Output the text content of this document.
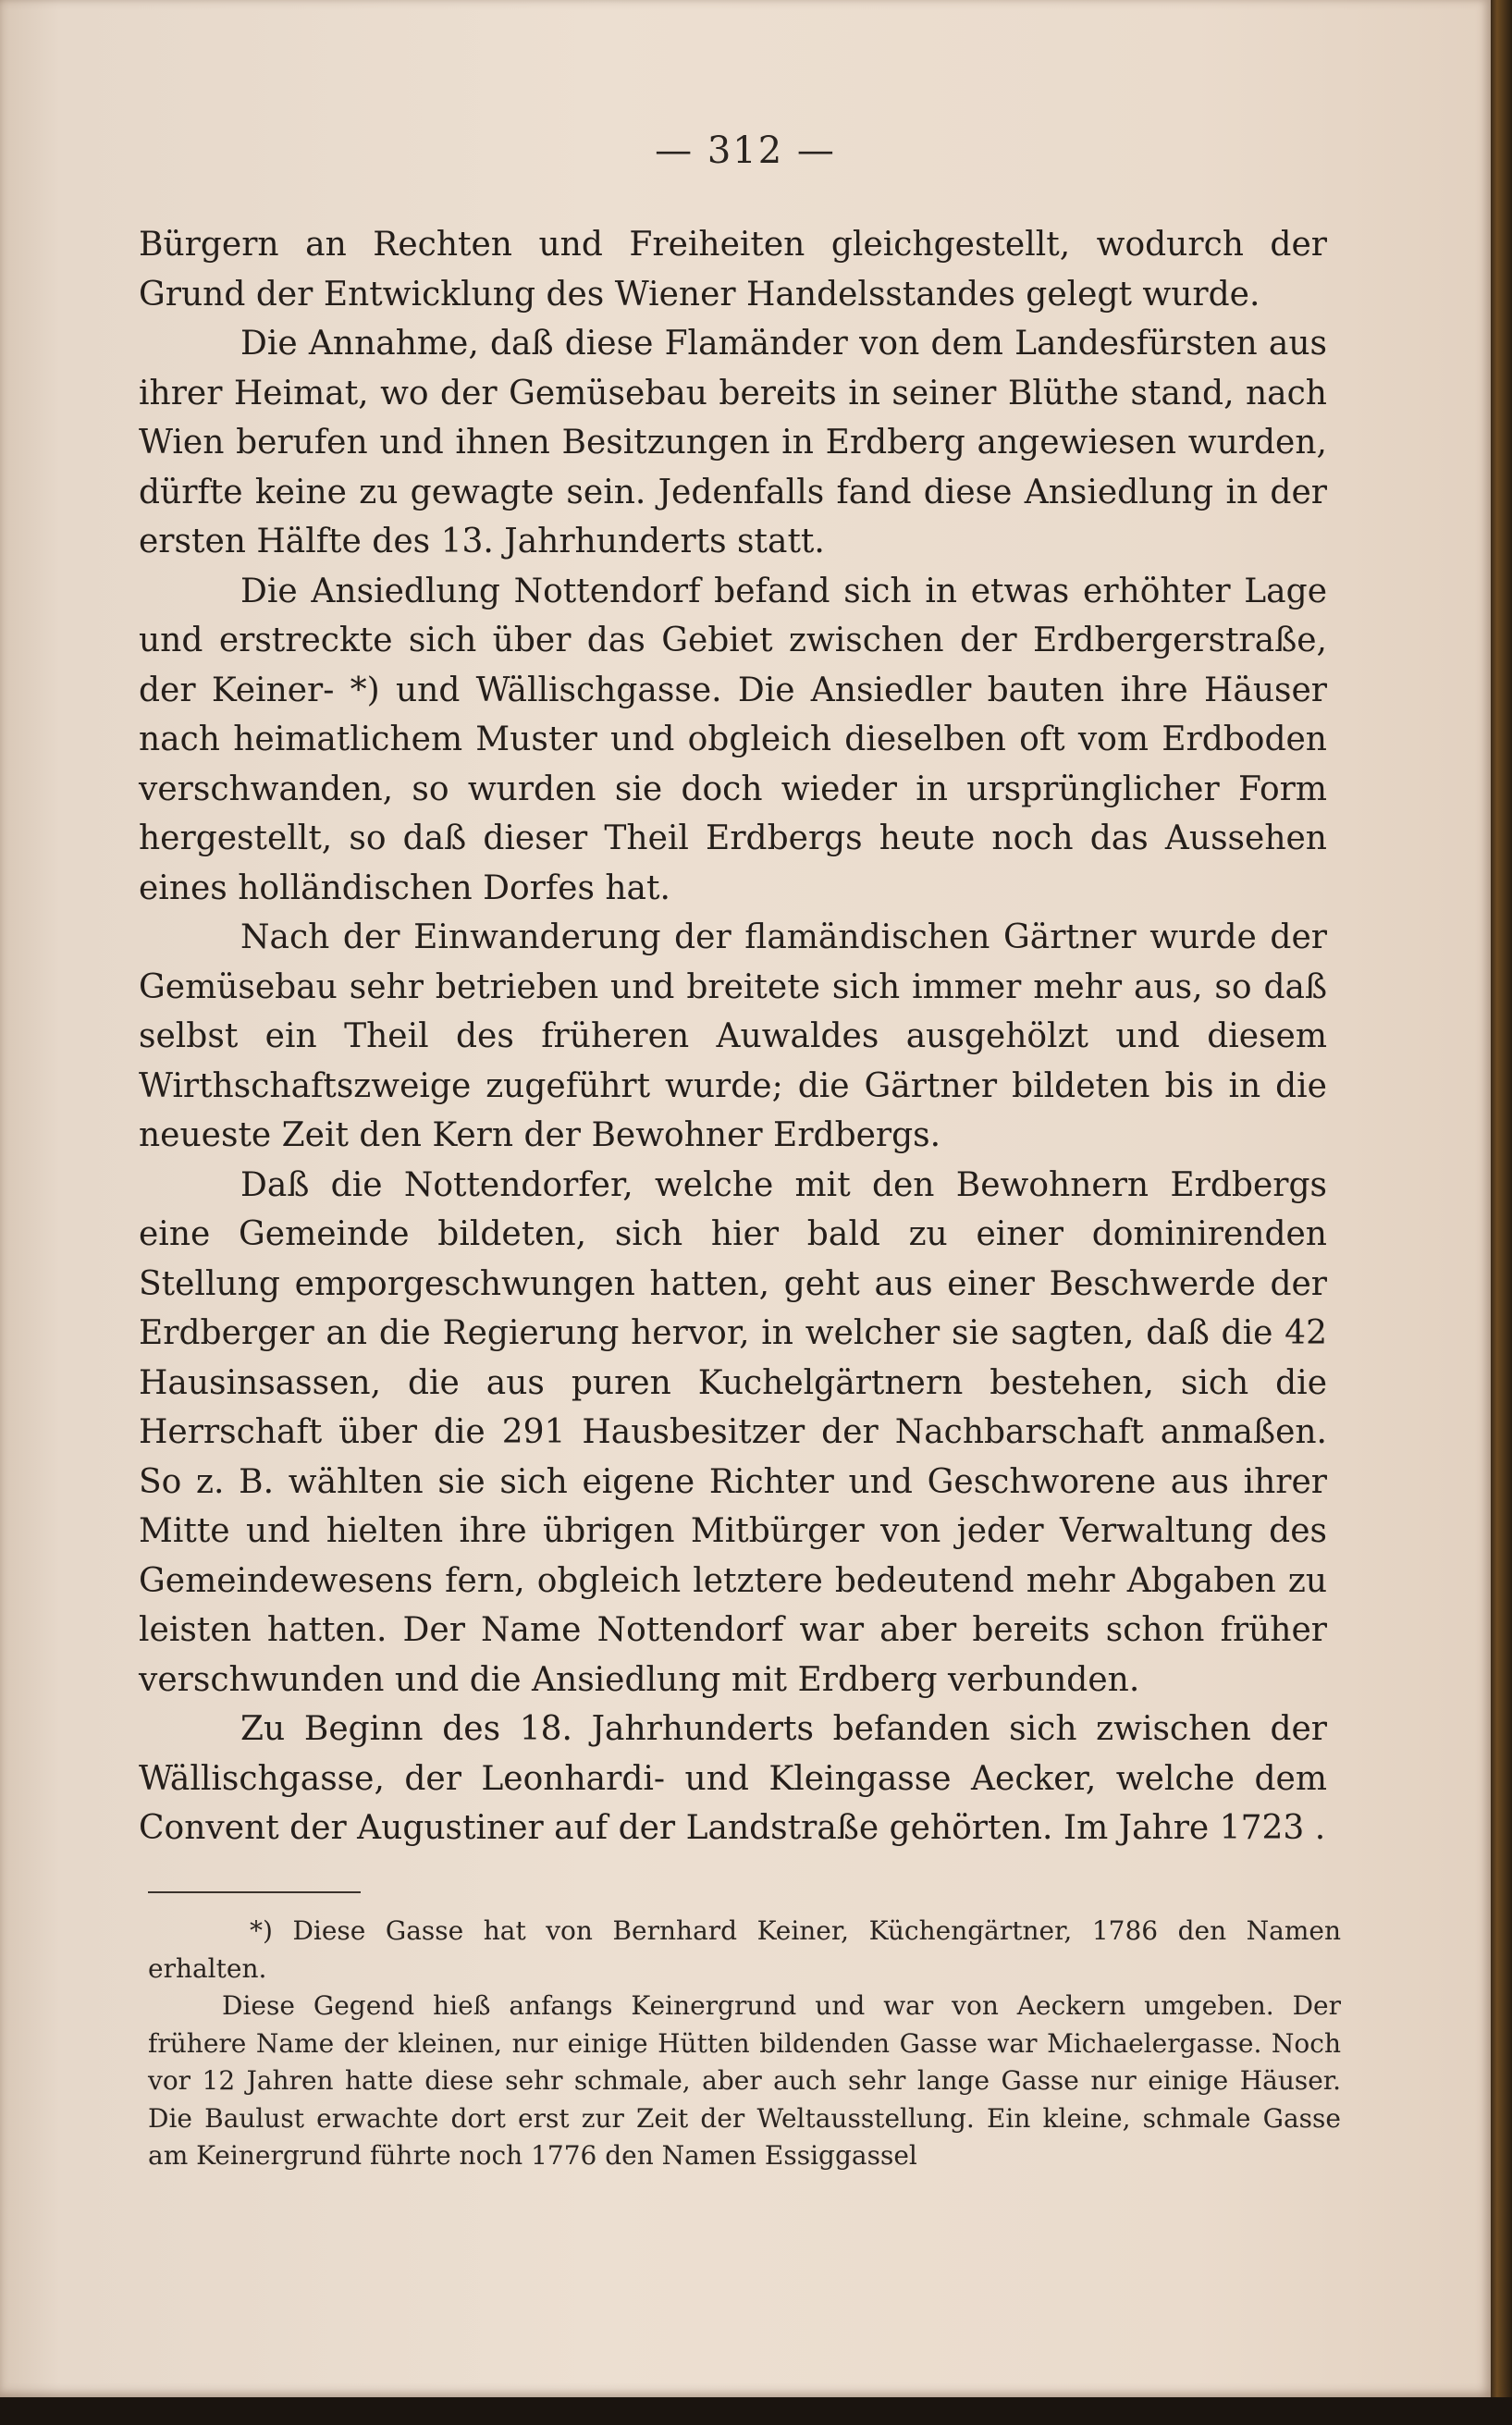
— 312 —

Bürgern an Rechten und Freiheiten gleichgestellt, wodurch der Grund der Entwicklung des Wiener Handelsstandes gelegt wurde.

Die Annahme, daß diese Flamänder von dem Landesfürsten aus ihrer Heimat, wo der Gemüsebau bereits in seiner Blüthe stand, nach Wien berufen und ihnen Besitzungen in Erdberg angewiesen wurden, dürfte keine zu gewagte sein. Jedenfalls fand diese Ansiedlung in der ersten Hälfte des 13. Jahrhunderts statt.

Die Ansiedlung Nottendorf befand sich in etwas erhöhter Lage und erstreckte sich über das Gebiet zwischen der Erdbergerstraße, der Keiner- *) und Wällischgasse. Die Ansiedler bauten ihre Häuser nach heimatlichem Muster und obgleich dieselben oft vom Erdboden verschwanden, so wurden sie doch wieder in ursprünglicher Form hergestellt, so daß dieser Theil Erdbergs heute noch das Aussehen eines holländischen Dorfes hat.

Nach der Einwanderung der flamändischen Gärtner wurde der Gemüsebau sehr betrieben und breitete sich immer mehr aus, so daß selbst ein Theil des früheren Auwaldes ausgehölzt und diesem Wirthschaftszweige zugeführt wurde; die Gärtner bildeten bis in die neueste Zeit den Kern der Bewohner Erdbergs.

Daß die Nottendorfer, welche mit den Bewohnern Erdbergs eine Gemeinde bildeten, sich hier bald zu einer dominirenden Stellung emporgeschwungen hatten, geht aus einer Beschwerde der Erdberger an die Regierung hervor, in welcher sie sagten, daß die 42 Hausinsassen, die aus puren Kuchelgärtnern bestehen, sich die Herrschaft über die 291 Hausbesitzer der Nachbarschaft anmaßen. So z. B. wählten sie sich eigene Richter und Geschworene aus ihrer Mitte und hielten ihre übrigen Mitbürger von jeder Verwaltung des Gemeindewesens fern, obgleich letztere bedeutend mehr Abgaben zu leisten hatten. Der Name Nottendorf war aber bereits schon früher verschwunden und die Ansiedlung mit Erdberg verbunden.

Zu Beginn des 18. Jahrhunderts befanden sich zwischen der Wällischgasse, der Leonhardi- und Kleingasse Aecker, welche dem Convent der Augustiner auf der Landstraße gehörten. Im Jahre 1723 .

*) Diese Gasse hat von Bernhard Keiner, Küchengärtner, 1786 den Namen erhalten.

Diese Gegend hieß anfangs Keinergrund und war von Aeckern umgeben. Der frühere Name der kleinen, nur einige Hütten bildenden Gasse war Michaelergasse. Noch vor 12 Jahren hatte diese sehr schmale, aber auch sehr lange Gasse nur einige Häuser. Die Baulust erwachte dort erst zur Zeit der Weltausstellung. Ein kleine, schmale Gasse am Keinergrund führte noch 1776 den Namen Essiggassel
